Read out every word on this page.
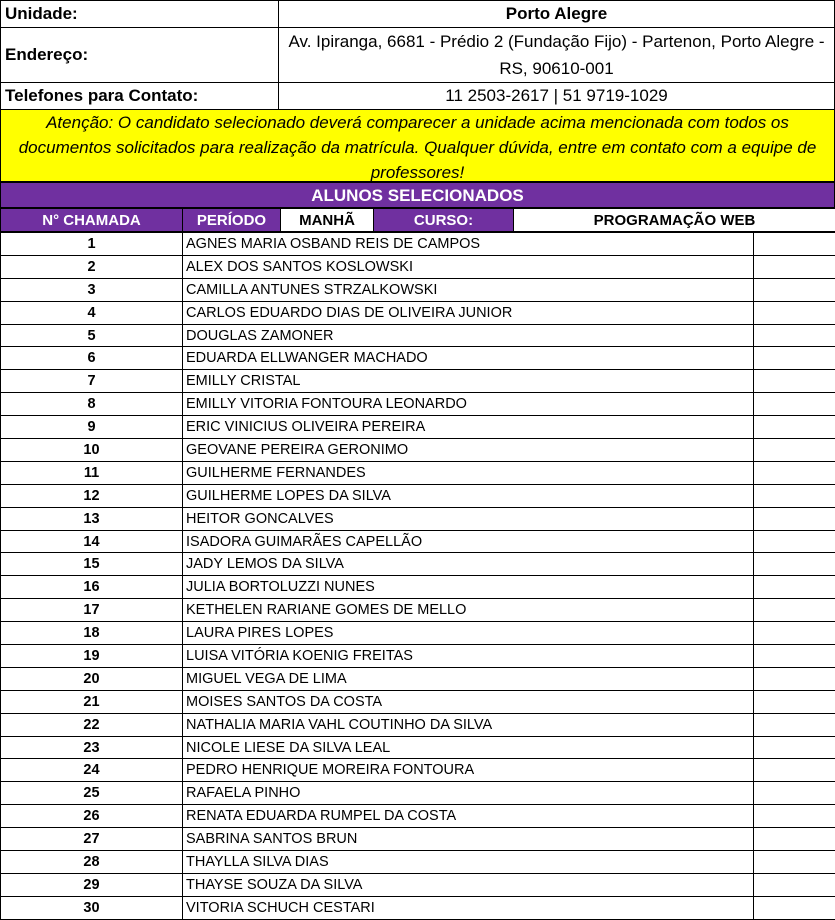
Unidade:	Porto Alegre
Endereço:	Av. Ipiranga, 6681 - Prédio 2 (Fundação Fijo) - Partenon, Porto Alegre - RS, 90610-001
Telefones para Contato:	11 2503-2617 | 51 9719-1029
Atenção: O candidato selecionado deverá comparecer a unidade acima mencionada com todos os documentos solicitados para realização da matrícula. Qualquer dúvida, entre em contato com a equipe de professores!
ALUNOS SELECIONADOS
N° CHAMADA	PERÍODO	MANHÃ	CURSO:	PROGRAMAÇÃO WEB
1	AGNES MARIA OSBAND REIS DE CAMPOS	
2	ALEX DOS SANTOS KOSLOWSKI	
3	CAMILLA ANTUNES STRZALKOWSKI	
4	CARLOS EDUARDO DIAS DE OLIVEIRA JUNIOR	
5	DOUGLAS ZAMONER	
6	EDUARDA ELLWANGER MACHADO	
7	EMILLY CRISTAL	
8	EMILLY VITORIA FONTOURA LEONARDO	
9	ERIC VINICIUS OLIVEIRA PEREIRA	
10	GEOVANE PEREIRA GERONIMO	
11	GUILHERME FERNANDES	
12	GUILHERME LOPES DA SILVA	
13	HEITOR GONCALVES	
14	ISADORA GUIMARÃES CAPELLÃO	
15	JADY LEMOS DA SILVA	
16	JULIA BORTOLUZZI NUNES	
17	KETHELEN RARIANE GOMES DE MELLO	
18	LAURA PIRES LOPES	
19	LUISA VITÓRIA KOENIG FREITAS	
20	MIGUEL VEGA DE LIMA	
21	MOISES SANTOS DA COSTA	
22	NATHALIA MARIA VAHL COUTINHO DA SILVA	
23	NICOLE LIESE DA SILVA LEAL	
24	PEDRO HENRIQUE MOREIRA FONTOURA	
25	RAFAELA PINHO	
26	RENATA EDUARDA RUMPEL DA COSTA	
27	SABRINA SANTOS BRUN	
28	THAYLLA SILVA DIAS	
29	THAYSE SOUZA DA SILVA	
30	VITORIA SCHUCH CESTARI	
